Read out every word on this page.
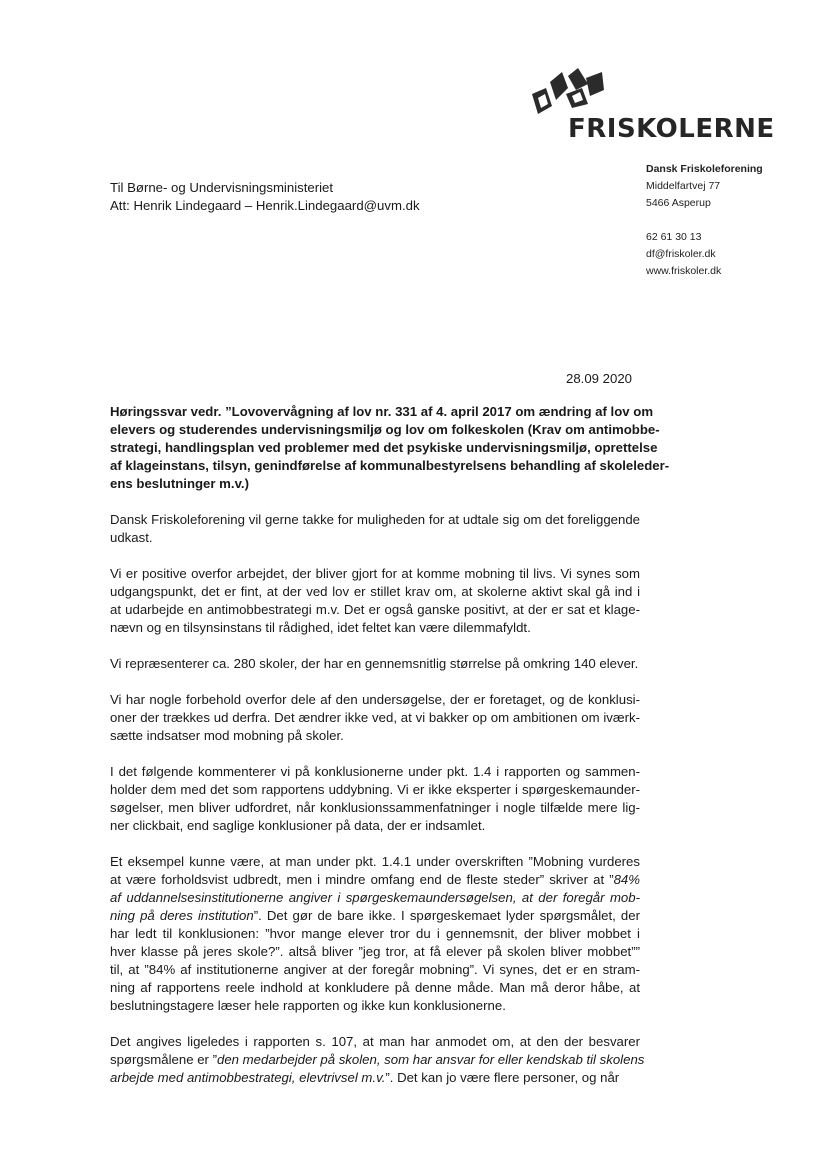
FRISKOLERNE
Dansk Friskoleforening
Middelfartvej 77
5466 Asperup
62 61 30 13
df@friskoler.dk
www.friskoler.dk
Til Børne- og Undervisningsministeriet
Att: Henrik Lindegaard – Henrik.Lindegaard@uvm.dk
28.09 2020
Høringssvar vedr. ”Lovovervågning af lov nr. 331 af 4. april 2017 om ændring af lov om
elevers og studerendes undervisningsmiljø og lov om folkeskolen (Krav om antimobbe-
strategi, handlingsplan ved problemer med det psykiske undervisningsmiljø, oprettelse
af klageinstans, tilsyn, genindførelse af kommunalbestyrelsens behandling af skoleleder-
ens beslutninger m.v.)
Dansk Friskoleforening vil gerne takke for muligheden for at udtale sig om det foreliggende
udkast.
Vi er positive overfor arbejdet, der bliver gjort for at komme mobning til livs. Vi synes som
udgangspunkt, det er fint, at der ved lov er stillet krav om, at skolerne aktivt skal gå ind i
at udarbejde en antimobbestrategi m.v. Det er også ganske positivt, at der er sat et klage-
nævn og en tilsynsinstans til rådighed, idet feltet kan være dilemmafyldt.
Vi repræsenterer ca. 280 skoler, der har en gennemsnitlig størrelse på omkring 140 elever.
Vi har nogle forbehold overfor dele af den undersøgelse, der er foretaget, og de konklusi-
oner der trækkes ud derfra. Det ændrer ikke ved, at vi bakker op om ambitionen om iværk-
sætte indsatser mod mobning på skoler.
I det følgende kommenterer vi på konklusionerne under pkt. 1.4 i rapporten og sammen-
holder dem med det som rapportens uddybning. Vi er ikke eksperter i spørgeskemaunder-
søgelser, men bliver udfordret, når konklusionssammenfatninger i nogle tilfælde mere lig-
ner clickbait, end saglige konklusioner på data, der er indsamlet.
Et eksempel kunne være, at man under pkt. 1.4.1 under overskriften ”Mobning vurderes
at være forholdsvist udbredt, men i mindre omfang end de fleste steder” skriver at ”84%
af uddannelsesinstitutionerne angiver i spørgeskemaundersøgelsen, at der foregår mob-
ning på deres institution”. Det gør de bare ikke. I spørgeskemaet lyder spørgsmålet, der
har ledt til konklusionen: ”hvor mange elever tror du i gennemsnit, der bliver mobbet i
hver klasse på jeres skole?”. altså bliver ”jeg tror, at få elever på skolen bliver mobbet””
til, at ”84% af institutionerne angiver at der foregår mobning”. Vi synes, det er en stram-
ning af rapportens reele indhold at konkludere på denne måde. Man må deror håbe, at
beslutningstagere læser hele rapporten og ikke kun konklusionerne.
Det angives ligeledes i rapporten s. 107, at man har anmodet om, at den der besvarer
spørgsmålene er ”den medarbejder på skolen, som har ansvar for eller kendskab til skolens
arbejde med antimobbestrategi, elevtrivsel m.v.”. Det kan jo være flere personer, og når
